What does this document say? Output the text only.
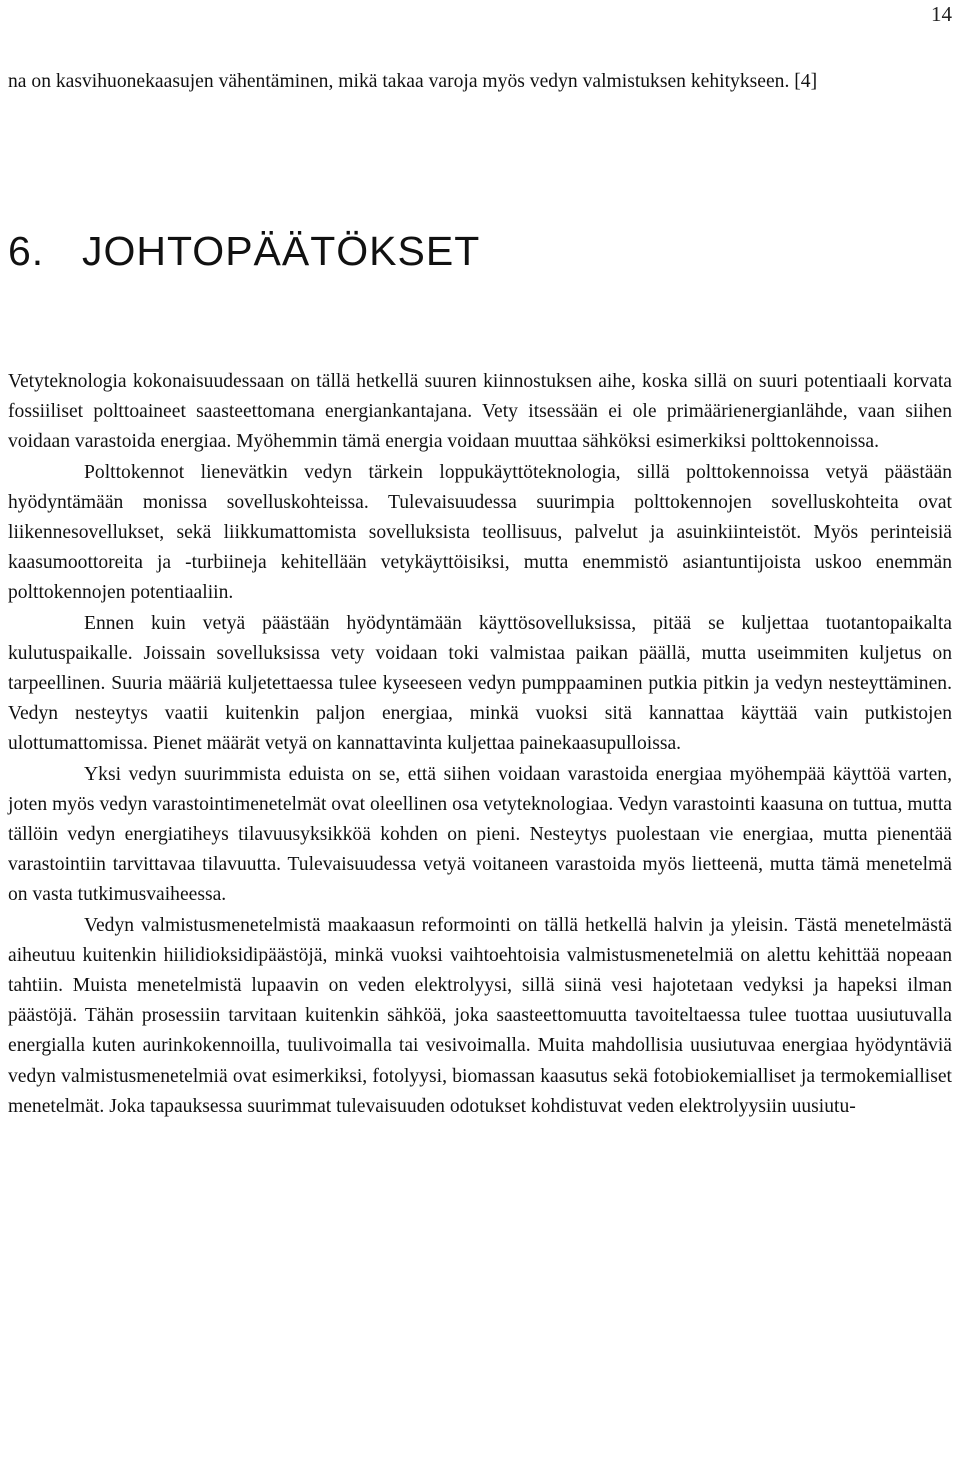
14

na on kasvihuonekaasujen vähentäminen, mikä takaa varoja myös vedyn valmistuksen kehitykseen. [4]

6. JOHTOPÄÄTÖKSET

Vetyteknologia kokonaisuudessaan on tällä hetkellä suuren kiinnostuksen aihe, koska sillä on suuri potentiaali korvata fossiiliset polttoaineet saasteettomana energiankantajana. Vety itsessään ei ole primäärienergianlähde, vaan siihen voidaan varastoida energiaa. Myöhemmin tämä energia voidaan muuttaa sähköksi esimerkiksi polttokennoissa.

Polttokennot lienevätkin vedyn tärkein loppukäyttöteknologia, sillä polttokennoissa vetyä päästään hyödyntämään monissa sovelluskohteissa. Tulevaisuudessa suurimpia polttokennojen sovelluskohteita ovat liikennesovellukset, sekä liikkumattomista sovelluksista teollisuus, palvelut ja asuinkiinteistöt. Myös perinteisiä kaasumoottoreita ja -turbiineja kehitellään vetykäyttöisiksi, mutta enemmistö asiantuntijoista uskoo enemmän polttokennojen potentiaaliin.

Ennen kuin vetyä päästään hyödyntämään käyttösovelluksissa, pitää se kuljettaa tuotantopaikalta kulutuspaikalle. Joissain sovelluksissa vety voidaan toki valmistaa paikan päällä, mutta useimmiten kuljetus on tarpeellinen. Suuria määriä kuljetettaessa tulee kyseeseen vedyn pumppaaminen putkia pitkin ja vedyn nesteyttäminen. Vedyn nesteytys vaatii kuitenkin paljon energiaa, minkä vuoksi sitä kannattaa käyttää vain putkistojen ulottumattomissa. Pienet määrät vetyä on kannattavinta kuljettaa painekaasupulloissa.

Yksi vedyn suurimmista eduista on se, että siihen voidaan varastoida energiaa myöhempää käyttöä varten, joten myös vedyn varastointimenetelmät ovat oleellinen osa vetyteknologiaa. Vedyn varastointi kaasuna on tuttua, mutta tällöin vedyn energiatiheys tilavuusyksikköä kohden on pieni. Nesteytys puolestaan vie energiaa, mutta pienentää varastointiin tarvittavaa tilavuutta. Tulevaisuudessa vetyä voitaneen varastoida myös lietteenä, mutta tämä menetelmä on vasta tutkimusvaiheessa.

Vedyn valmistusmenetelmistä maakaasun reformointi on tällä hetkellä halvin ja yleisin. Tästä menetelmästä aiheutuu kuitenkin hiilidioksidipäästöjä, minkä vuoksi vaihtoehtoisia valmistusmenetelmiä on alettu kehittää nopeaan tahtiin. Muista menetelmistä lupaavin on veden elektrolyysi, sillä siinä vesi hajotetaan vedyksi ja hapeksi ilman päästöjä. Tähän prosessiin tarvitaan kuitenkin sähköä, joka saasteettomuutta tavoiteltaessa tulee tuottaa uusiutuvalla energialla kuten aurinkokennoilla, tuulivoimalla tai vesivoimalla. Muita mahdollisia uusiutuvaa energiaa hyödyntäviä vedyn valmistusmenetelmiä ovat esimerkiksi, fotolyysi, biomassan kaasutus sekä fotobiokemialliset ja termokemialliset menetelmät. Joka tapauksessa suurimmat tulevaisuuden odotukset kohdistuvat veden elektrolyysiin uusiutu-
